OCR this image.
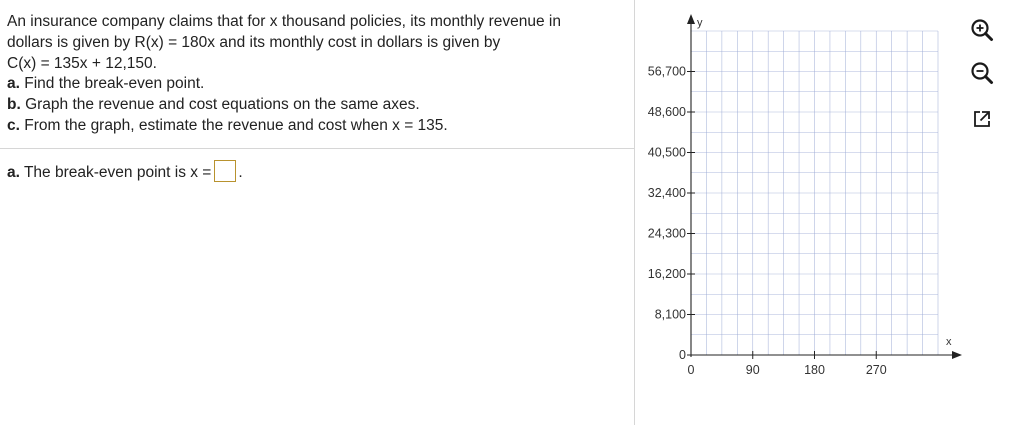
An insurance company claims that for x thousand policies, its monthly revenue in

dollars is given by R(x) = 180x and its monthly cost in dollars is given by

C(x) = 135x + 12,150.

a. Find the break-even point.

b. Graph the revenue and cost equations on the same axes.

c. From the graph, estimate the revenue and cost when x = 135.

a. The break-even point is x = .
x
y
0
8,100
16,200
24,300
32,400
40,500
48,600
56,700
0	90	180	270
